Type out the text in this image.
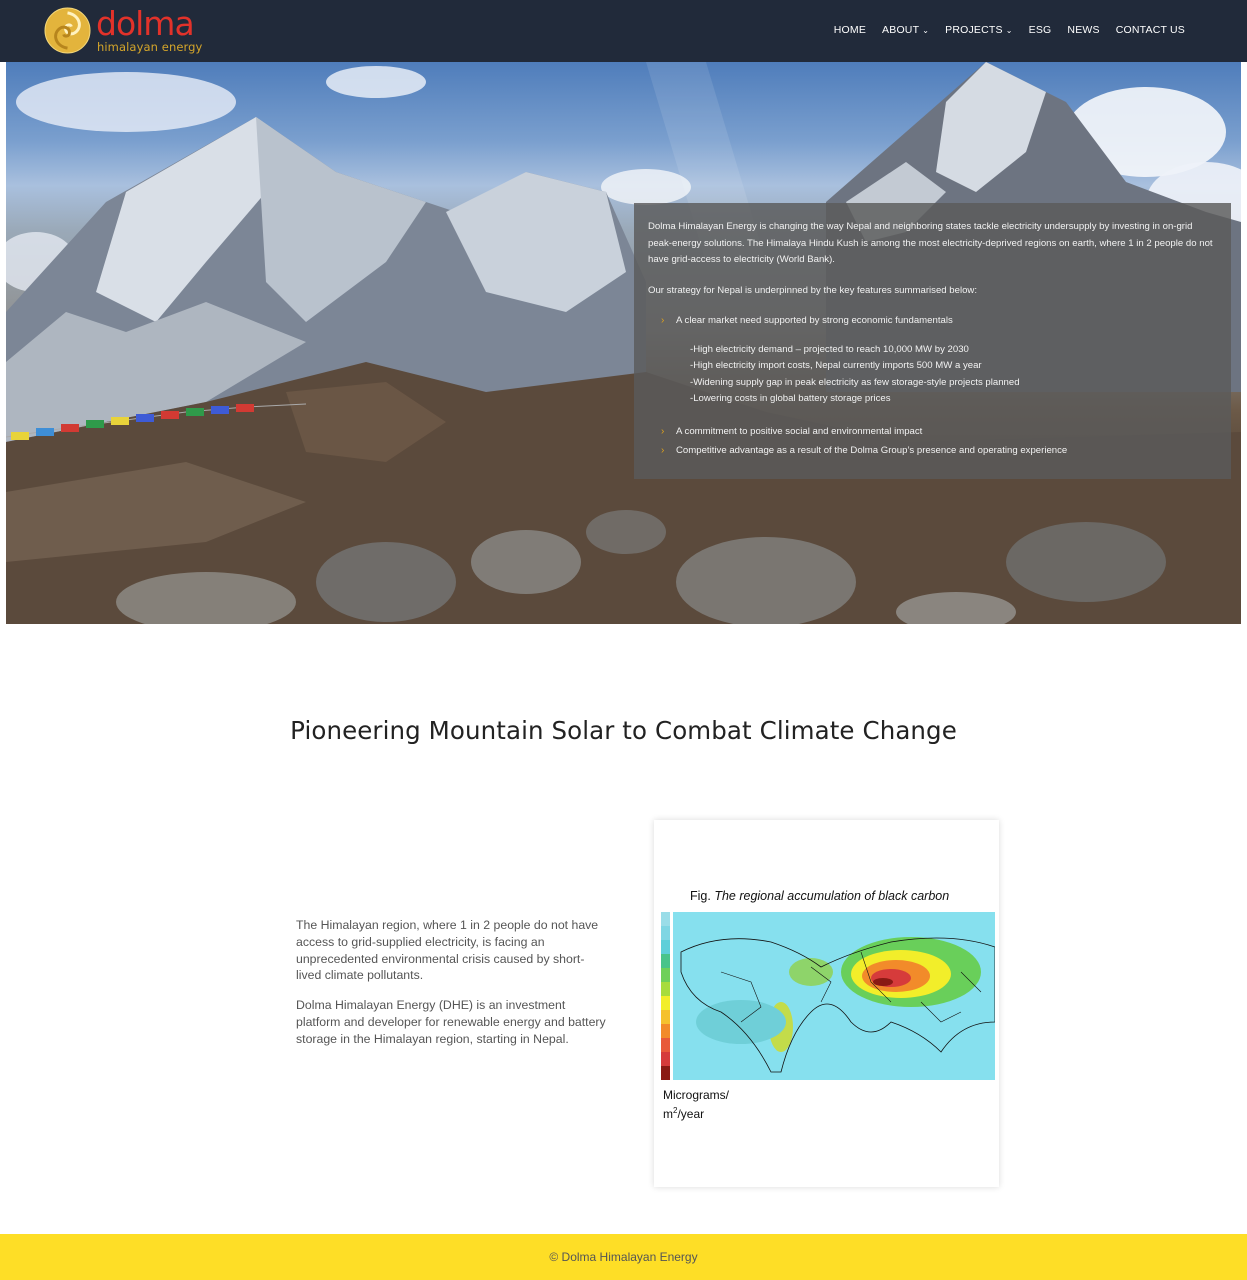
dolma
himalayan energy
HOME ABOUT ⌄ PROJECTS ⌄ ESG NEWS CONTACT US

Dolma Himalayan Energy is changing the way Nepal and neighboring states tackle electricity undersupply by investing in on-grid peak-energy solutions. The Himalaya Hindu Kush is among the most electricity-deprived regions on earth, where 1 in 2 people do not have grid-access to electricity (World Bank).

Our strategy for Nepal is underpinned by the key features summarised below:

›	A clear market need supported by strong economic fundamentals
-High electricity demand – projected to reach 10,000 MW by 2030
-High electricity import costs, Nepal currently imports 500 MW a year
-Widening supply gap in peak electricity as few storage-style projects planned
-Lowering costs in global battery storage prices
›	A commitment to positive social and environmental impact
›	Competitive advantage as a result of the Dolma Group’s presence and operating experience
Pioneering Mountain Solar to Combat Climate Change

The Himalayan region, where 1 in 2 people do not have access to grid-supplied electricity, is facing an unprecedented environmental crisis caused by short-lived climate pollutants.

Dolma Himalayan Energy (DHE) is an investment platform and developer for renewable energy and battery storage in the Himalayan region, starting in Nepal.

Fig. The regional accumulation of black carbon
Micrograms/
$m^2$/year
© Dolma Himalayan Energy
